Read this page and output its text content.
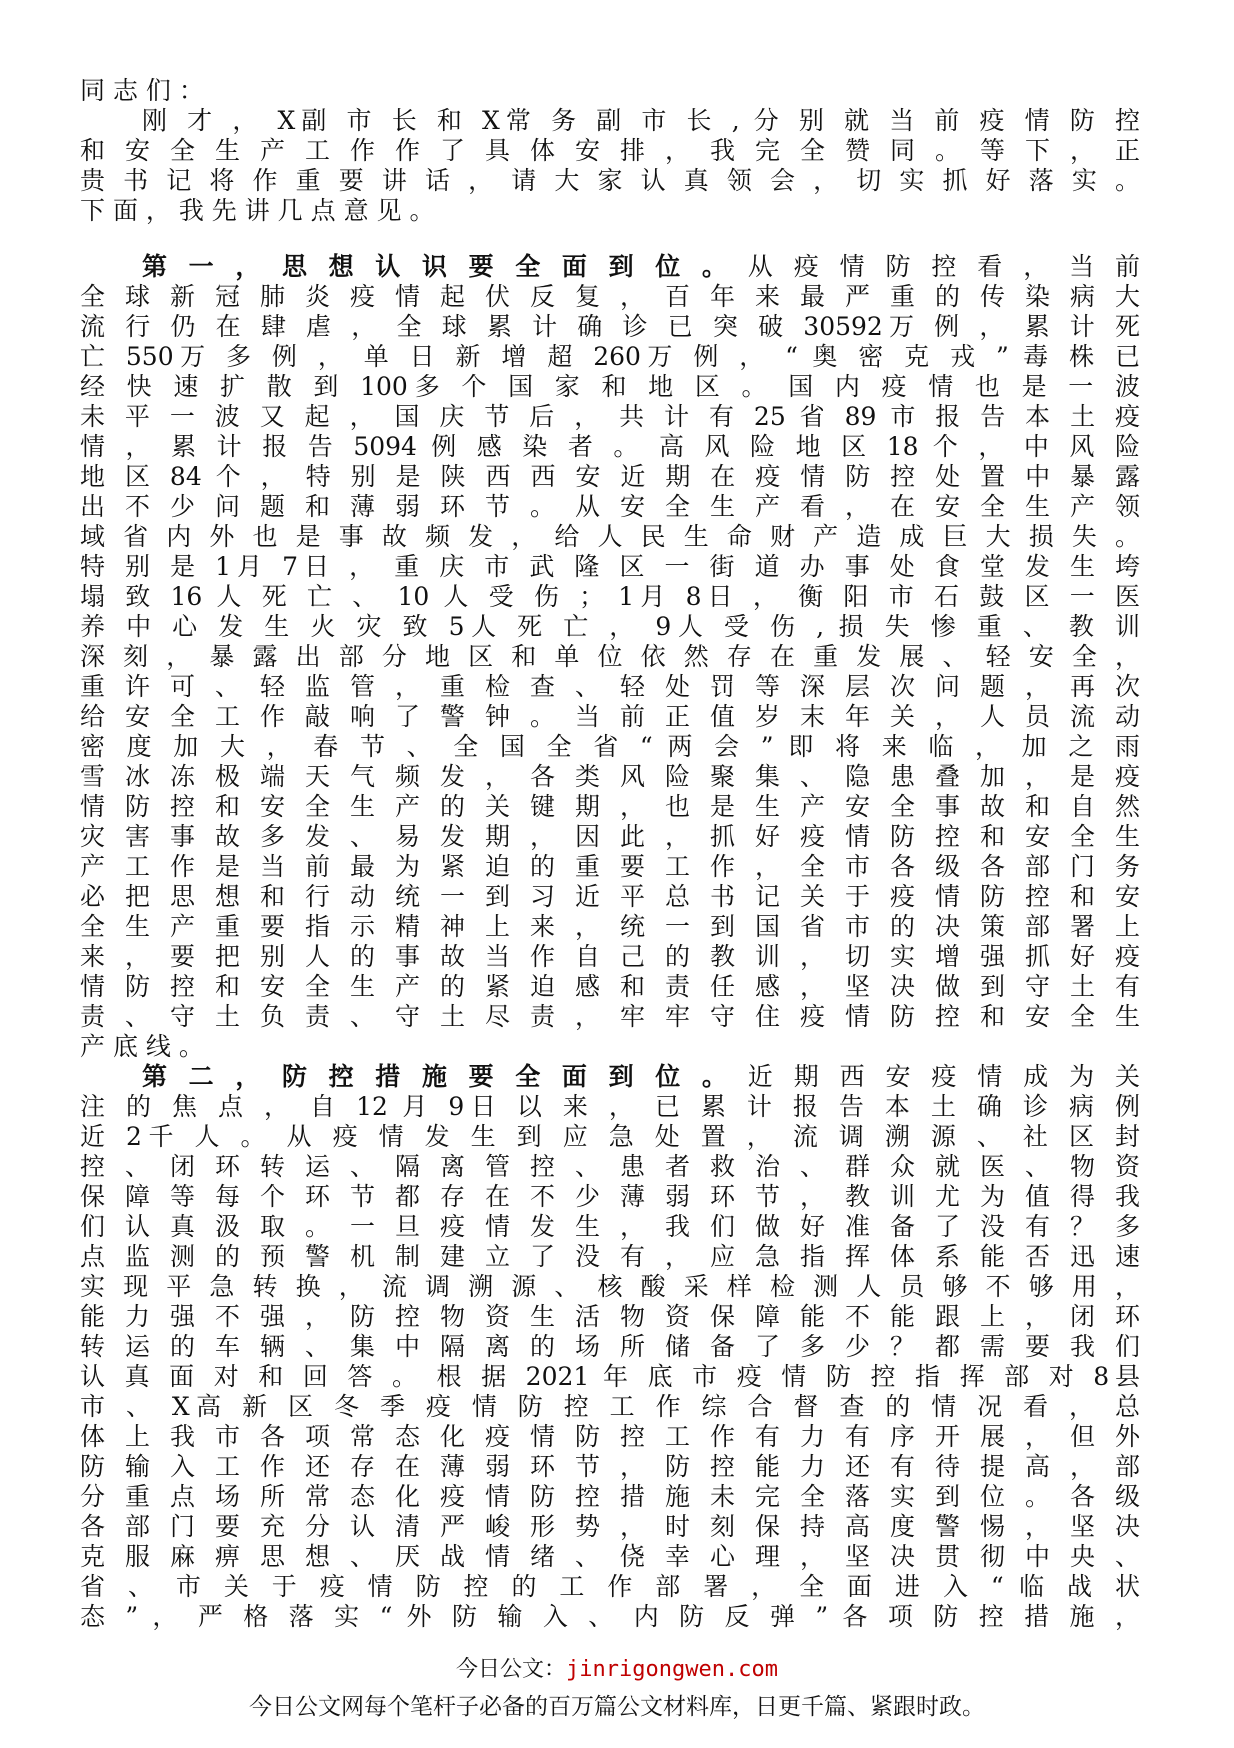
同 志 们 ：
刚 才 ， X副 市 长 和 X常 务 副 市 长 , 分 别 就 当 前 疫 情 防 控
和 安 全 生 产 工 作 作 了 具 体 安 排 ， 我 完 全 赞 同 。 等 下 ， 正
贵 书 记 将 作 重 要 讲 话 ， 请 大 家 认 真 领 会 ， 切 实 抓 好 落 实 。
下 面 ， 我 先 讲 几 点 意 见 。
第 一 ， 思 想 认 识 要 全 面 到 位 。 从 疫 情 防 控 看 ， 当 前
全 球 新 冠 肺 炎 疫 情 起 伏 反 复 ， 百 年 来 最 严 重 的 传 染 病 大
流 行 仍 在 肆 虐 ， 全 球 累 计 确 诊 已 突 破 30592万 例 ， 累 计 死
亡 550万 多 例 ， 单 日 新 增 超 260万 例 ， “ 奥 密 克 戎 ” 毒 株 已
经 快 速 扩 散 到 100多 个 国 家 和 地 区 。 国 内 疫 情 也 是 一 波
未 平 一 波 又 起 ， 国 庆 节 后 ， 共 计 有 25 省 89 市 报 告 本 土 疫
情 ， 累 计 报 告 5094 例 感 染 者 。 高 风 险 地 区 18 个 ， 中 风 险
地 区 84 个 ， 特 别 是 陕 西 西 安 近 期 在 疫 情 防 控 处 置 中 暴 露
出 不 少 问 题 和 薄 弱 环 节 。 从 安 全 生 产 看 ， 在 安 全 生 产 领
域 省 内 外 也 是 事 故 频 发 ， 给 人 民 生 命 财 产 造 成 巨 大 损 失 。
特 别 是 1月 7日 ， 重 庆 市 武 隆 区 一 街 道 办 事 处 食 堂 发 生 垮
塌 致 16 人 死 亡 、 10 人 受 伤 ； 1月 8日 ， 衡 阳 市 石 鼓 区 一 医
养 中 心 发 生 火 灾 致 5人 死 亡 ， 9人 受 伤 , 损 失 惨 重 、 教 训
深 刻 ， 暴 露 出 部 分 地 区 和 单 位 依 然 存 在 重 发 展 、 轻 安 全 ，
重 许 可 、 轻 监 管 ， 重 检 查 、 轻 处 罚 等 深 层 次 问 题 ， 再 次
给 安 全 工 作 敲 响 了 警 钟 。 当 前 正 值 岁 末 年 关 ， 人 员 流 动
密 度 加 大 ， 春 节 、 全 国 全 省 “ 两 会 ” 即 将 来 临 ， 加 之 雨
雪 冰 冻 极 端 天 气 频 发 ， 各 类 风 险 聚 集 、 隐 患 叠 加 ， 是 疫
情 防 控 和 安 全 生 产 的 关 键 期 ， 也 是 生 产 安 全 事 故 和 自 然
灾 害 事 故 多 发 、 易 发 期 ， 因 此 ， 抓 好 疫 情 防 控 和 安 全 生
产 工 作 是 当 前 最 为 紧 迫 的 重 要 工 作 ， 全 市 各 级 各 部 门 务
必 把 思 想 和 行 动 统 一 到 习 近 平 总 书 记 关 于 疫 情 防 控 和 安
全 生 产 重 要 指 示 精 神 上 来 ， 统 一 到 国 省 市 的 决 策 部 署 上
来 ， 要 把 别 人 的 事 故 当 作 自 己 的 教 训 ， 切 实 增 强 抓 好 疫
情 防 控 和 安 全 生 产 的 紧 迫 感 和 责 任 感 ， 坚 决 做 到 守 土 有
责 、 守 土 负 责 、 守 土 尽 责 ， 牢 牢 守 住 疫 情 防 控 和 安 全 生
产 底 线 。
第 二 ， 防 控 措 施 要 全 面 到 位 。 近 期 西 安 疫 情 成 为 关
注 的 焦 点 ， 自 12 月 9日 以 来 ， 已 累 计 报 告 本 土 确 诊 病 例
近 2千 人 。 从 疫 情 发 生 到 应 急 处 置 ， 流 调 溯 源 、 社 区 封
控 、 闭 环 转 运 、 隔 离 管 控 、 患 者 救 治 、 群 众 就 医 、 物 资
保 障 等 每 个 环 节 都 存 在 不 少 薄 弱 环 节 ， 教 训 尤 为 值 得 我
们 认 真 汲 取 。 一 旦 疫 情 发 生 ， 我 们 做 好 准 备 了 没 有 ？ 多
点 监 测 的 预 警 机 制 建 立 了 没 有 ， 应 急 指 挥 体 系 能 否 迅 速
实 现 平 急 转 换 ， 流 调 溯 源 、 核 酸 采 样 检 测 人 员 够 不 够 用 ，
能 力 强 不 强 ， 防 控 物 资 生 活 物 资 保 障 能 不 能 跟 上 ， 闭 环
转 运 的 车 辆 、 集 中 隔 离 的 场 所 储 备 了 多 少 ？ 都 需 要 我 们
认 真 面 对 和 回 答 。 根 据 2021 年 底 市 疫 情 防 控 指 挥 部 对 8县
市 、 X高 新 区 冬 季 疫 情 防 控 工 作 综 合 督 查 的 情 况 看 ， 总
体 上 我 市 各 项 常 态 化 疫 情 防 控 工 作 有 力 有 序 开 展 ， 但 外
防 输 入 工 作 还 存 在 薄 弱 环 节 ， 防 控 能 力 还 有 待 提 高 ， 部
分 重 点 场 所 常 态 化 疫 情 防 控 措 施 未 完 全 落 实 到 位 。 各 级
各 部 门 要 充 分 认 清 严 峻 形 势 ， 时 刻 保 持 高 度 警 惕 ， 坚 决
克 服 麻 痹 思 想 、 厌 战 情 绪 、 侥 幸 心 理 ， 坚 决 贯 彻 中 央 、
省 、 市 关 于 疫 情 防 控 的 工 作 部 署 ， 全 面 进 入 “ 临 战 状
态 ” ， 严 格 落 实 “ 外 防 输 入 、 内 防 反 弹 ” 各 项 防 控 措 施 ，
今日公文：jinrigongwen.com
今日公文网每个笔杆子必备的百万篇公文材料库，日更千篇、紧跟时政。
